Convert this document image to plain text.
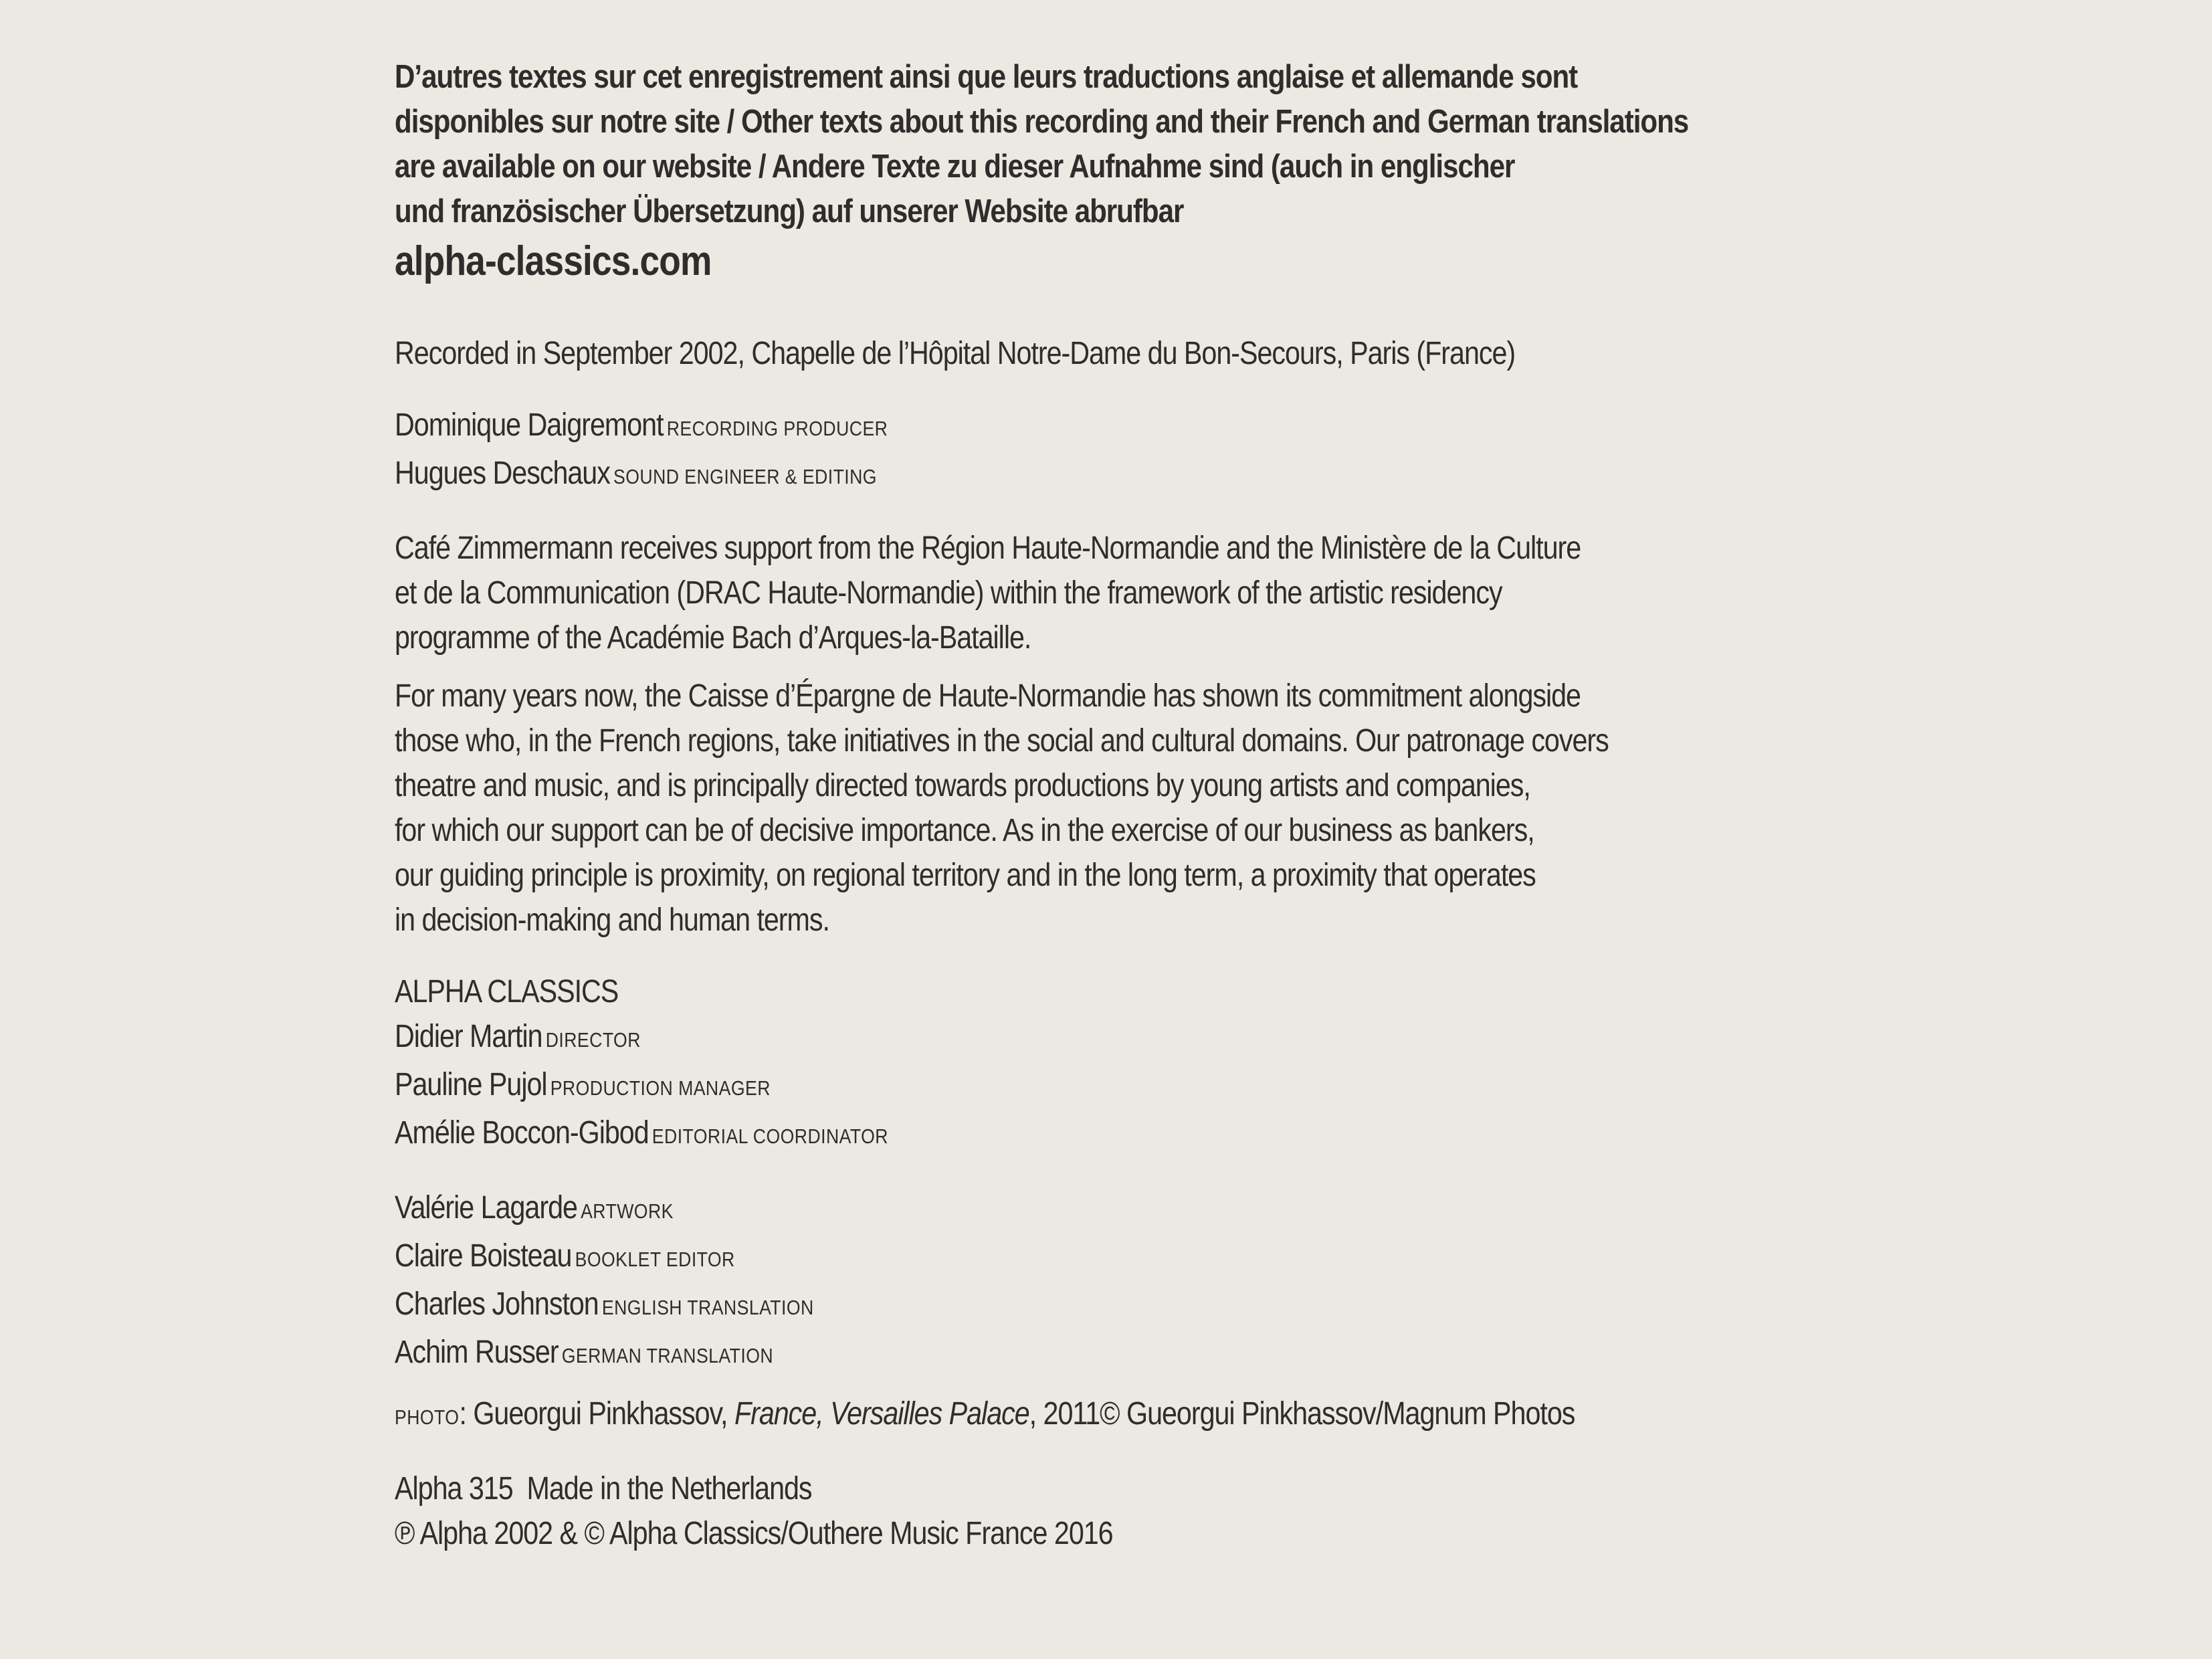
D’autres textes sur cet enregistrement ainsi que leurs traductions anglaise et allemande sont
disponibles sur notre site / Other texts about this recording and their French and German translations
are available on our website / Andere Texte zu dieser Aufnahme sind (auch in englischer
und französischer Übersetzung) auf unserer Website abrufbar
alpha-classics.com
Recorded in September 2002, Chapelle de l’Hôpital Notre-Dame du Bon-Secours, Paris (France)
Dominique Daigremont RECORDING PRODUCER
Hugues Deschaux SOUND ENGINEER & EDITING
Café Zimmermann receives support from the Région Haute-Normandie and the Ministère de la Culture
et de la Communication (DRAC Haute-Normandie) within the framework of the artistic residency
programme of the Académie Bach d’Arques-la-Bataille.
For many years now, the Caisse d’Épargne de Haute-Normandie has shown its commitment alongside
those who, in the French regions, take initiatives in the social and cultural domains. Our patronage covers
theatre and music, and is principally directed towards productions by young artists and companies,
for which our support can be of decisive importance. As in the exercise of our business as bankers,
our guiding principle is proximity, on regional territory and in the long term, a proximity that operates
in decision-making and human terms.
ALPHA CLASSICS
Didier Martin DIRECTOR
Pauline Pujol PRODUCTION MANAGER
Amélie Boccon-Gibod EDITORIAL COORDINATOR
Valérie Lagarde ARTWORK
Claire Boisteau BOOKLET EDITOR
Charles Johnston ENGLISH TRANSLATION
Achim Russer GERMAN TRANSLATION
PHOTO: Gueorgui Pinkhassov, France, Versailles Palace, 2011© Gueorgui Pinkhassov/Magnum Photos
Alpha 315  Made in the Netherlands
℗ Alpha 2002 & © Alpha Classics/Outhere Music France 2016
